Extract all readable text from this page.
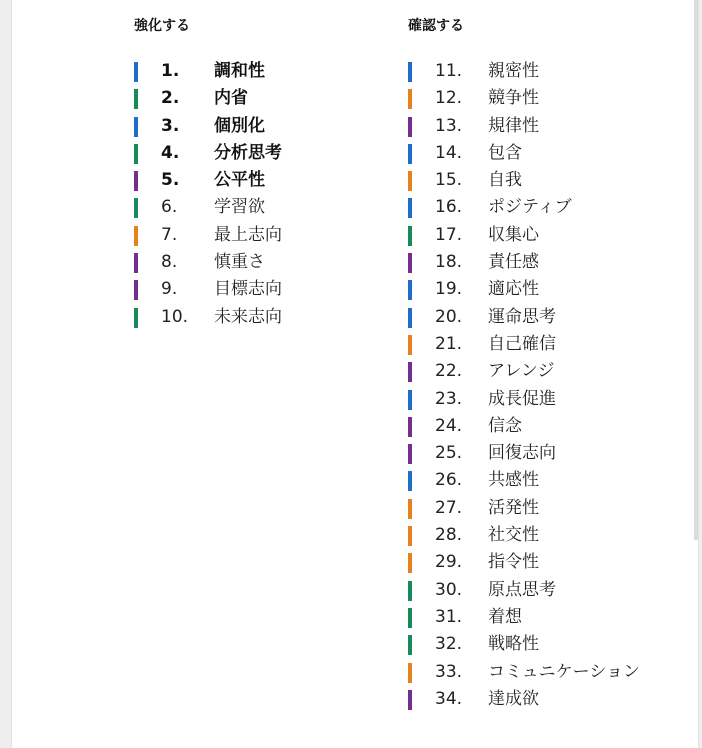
強化する
1. 調和性
2. 内省
3. 個別化
4. 分析思考
5. 公平性
6. 学習欲
7. 最上志向
8. 慎重さ
9. 目標志向
10. 未来志向
確認する
11. 親密性
12. 競争性
13. 規律性
14. 包含
15. 自我
16. ポジティブ
17. 収集心
18. 責任感
19. 適応性
20. 運命思考
21. 自己確信
22. アレンジ
23. 成長促進
24. 信念
25. 回復志向
26. 共感性
27. 活発性
28. 社交性
29. 指令性
30. 原点思考
31. 着想
32. 戦略性
33. コミュニケーション
34. 達成欲
